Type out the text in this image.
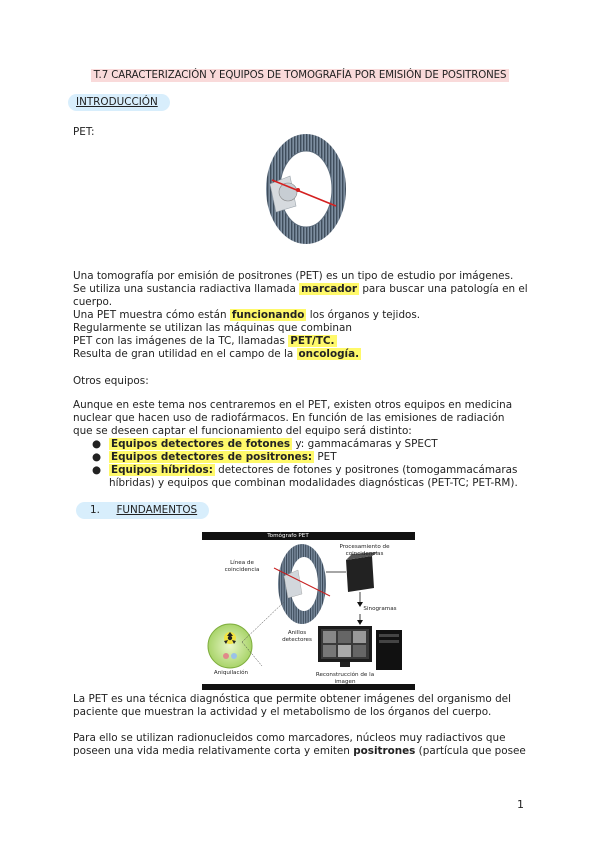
T.7 CARACTERIZACIÓN Y EQUIPOS DE TOMOGRAFÍA POR EMISIÓN DE POSITRONES
INTRODUCCIÓN
PET:

Una tomografía por emisión de positrones (PET) es un tipo de estudio por imágenes.

Se utiliza una sustancia radiactiva llamada marcador para buscar una patología en el

cuerpo.

Una PET muestra cómo están funcionando los órganos y tejidos.

Regularmente se utilizan las máquinas que combinan

PET con las imágenes de la TC, llamadas PET/TC.

Resulta de gran utilidad en el campo de la oncología.

Otros equipos:

Aunque en este tema nos centraremos en el PET, existen otros equipos en medicina

nuclear que hacen uso de radiofármacos. En función de las emisiones de radiación

que se deseen captar el funcionamiento del equipo será distinto:

● Equipos detectores de fotones y: gammacámaras y SPECT
● Equipos detectores de positrones: PET
● Equipos híbridos: detectores de fotones y positrones (tomogammacámaras
híbridas) y equipos que combinan modalidades diagnósticas (PET-TC; PET-RM).
1. FUNDAMENTOS
Tomógrafo PET
Línea de coincidencia
Procesamiento de coincidencias
Sinogramas
Anillos detectores
Aniquilación	Reconstrucción de la imagen

La PET es una técnica diagnóstica que permite obtener imágenes del organismo del

paciente que muestran la actividad y el metabolismo de los órganos del cuerpo.

Para ello se utilizan radionucleidos como marcadores, núcleos muy radiactivos que

poseen una vida media relativamente corta y emiten positrones (partícula que posee

1
